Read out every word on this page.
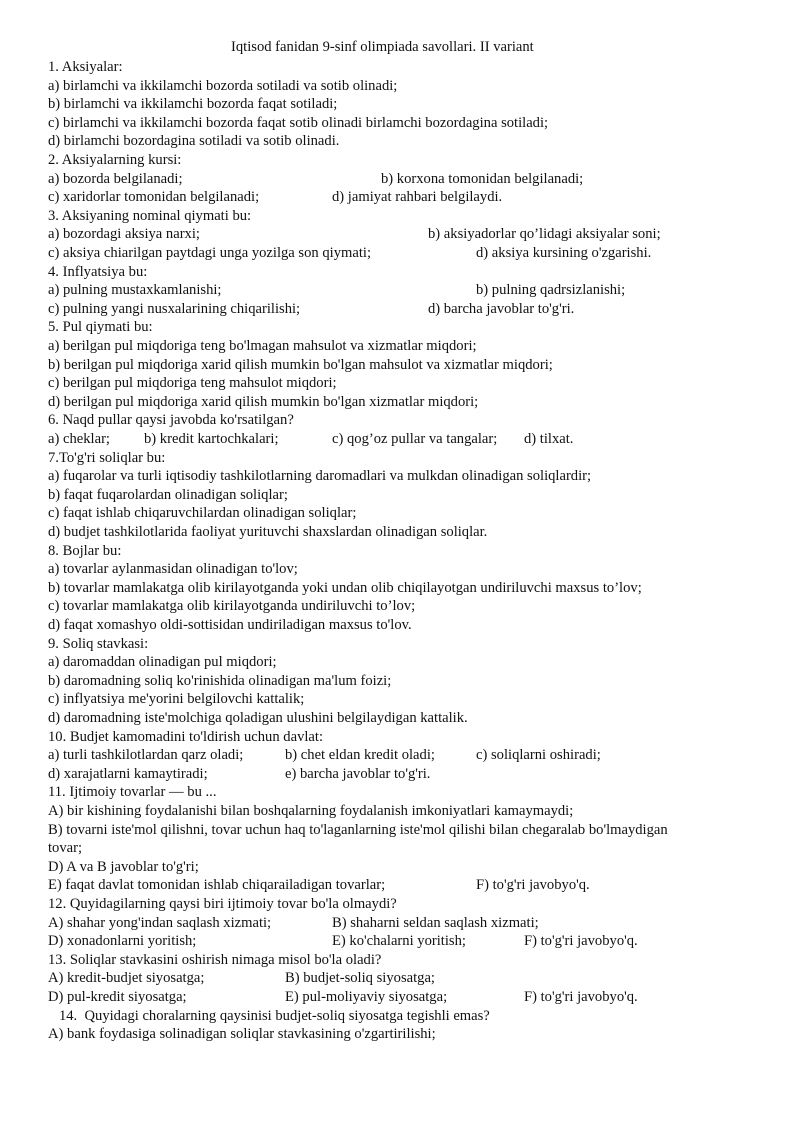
Iqtisod fanidan 9-sinf olimpiada savollari. II variant
1. Aksiyalar:
a) birlamchi va ikkilamchi bozorda sotiladi va sotib olinadi;
b) birlamchi va ikkilamchi bozorda faqat sotiladi;
c) birlamchi va ikkilamchi bozorda faqat sotib olinadi birlamchi bozordagina sotiladi;
d) birlamchi bozordagina sotiladi va sotib olinadi.
2. Aksiyalarning kursi:
a) bozorda belgilanadi;	b) korxona tomonidan belgilanadi;
c) xaridorlar tomonidan belgilanadi;	d) jamiyat rahbari belgilaydi.
3. Aksiyaning nominal qiymati bu:
a) bozordagi aksiya narxi;	b) aksiyadorlar qo’lidagi aksiyalar soni;
c) aksiya chiarilgan paytdagi unga yozilga son qiymati;	d) aksiya kursining o'zgarishi.
4. Inflyatsiya bu:
a) pulning mustaxkamlanishi;	b) pulning qadrsizlanishi;
c) pulning yangi nusxalarining chiqarilishi;	d) barcha javoblar to'g'ri.
5. Pul qiymati bu:
a) berilgan pul miqdoriga teng bo'lmagan mahsulot va xizmatlar miqdori;
b) berilgan pul miqdoriga xarid qilish mumkin bo'lgan mahsulot va xizmatlar miqdori;
c) berilgan pul miqdoriga teng mahsulot miqdori;
d) berilgan pul miqdoriga xarid qilish mumkin bo'lgan xizmatlar miqdori;
6. Naqd pullar qaysi javobda ko'rsatilgan?
a) cheklar; b) kredit kartochkalari;	c) qog’oz pullar va tangalar; d) tilxat.
7.To'g'ri soliqlar bu:
a) fuqarolar va turli iqtisodiy tashkilotlarning daromadlari va mulkdan olinadigan soliqlardir;
b) faqat fuqarolardan olinadigan soliqlar;
c) faqat ishlab chiqaruvchilardan olinadigan soliqlar;
d) budjet tashkilotlarida faoliyat yurituvchi shaxslardan olinadigan soliqlar.
8. Bojlar bu:
a) tovarlar aylanmasidan olinadigan to'lov;
b) tovarlar mamlakatga olib kirilayotganda yoki undan olib chiqilayotgan undiriluvchi maxsus to’lov;
c) tovarlar mamlakatga olib kirilayotganda undiriluvchi to’lov;
d) faqat xomashyo oldi-sottisidan undiriladigan maxsus to'lov.
9. Soliq stavkasi:
a) daromaddan olinadigan pul miqdori;
b) daromadning soliq ko'rinishida olinadigan ma'lum foizi;
c) inflyatsiya me'yorini belgilovchi kattalik;
d) daromadning iste'molchiga qoladigan ulushini belgilaydigan kattalik.
10. Budjet kamomadini to'ldirish uchun davlat:
a) turli tashkilotlardan qarz oladi;	b) chet eldan kredit oladi;	c) soliqlarni oshiradi;
d) xarajatlarni kamaytiradi;	e) barcha javoblar to'g'ri.
11. Ijtimoiy tovarlar — bu ...
A) bir kishining foydalanishi bilan boshqalarning foydalanish imkoniyatlari kamaymaydi;
B) tovarni iste'mol qilishni, tovar uchun haq to'laganlarning iste'mol qilishi bilan chegaralab bo'lmaydigan
tovar;
D) A va B javoblar to'g'ri;
E) faqat davlat tomonidan ishlab chiqarailadigan tovarlar;	F) to'g'ri javobyo'q.
12. Quyidagilarning qaysi biri ijtimoiy tovar bo'la olmaydi?
A) shahar yong'indan saqlash xizmati;	B) shaharni seldan saqlash xizmati;
D) xonadonlarni yoritish;	E) ko'chalarni yoritish;	F) to'g'ri javobyo'q.
13. Soliqlar stavkasini oshirish nimaga misol bo'la oladi?
A) kredit-budjet siyosatga;	B) budjet-soliq siyosatga;
D) pul-kredit siyosatga;	E) pul-moliyaviy siyosatga;	F) to'g'ri javobyo'q.
14.  Quyidagi choralarning qaysinisi budjet-soliq siyosatga tegishli emas?
A) bank foydasiga solinadigan soliqlar stavkasining o'zgartirilishi;
